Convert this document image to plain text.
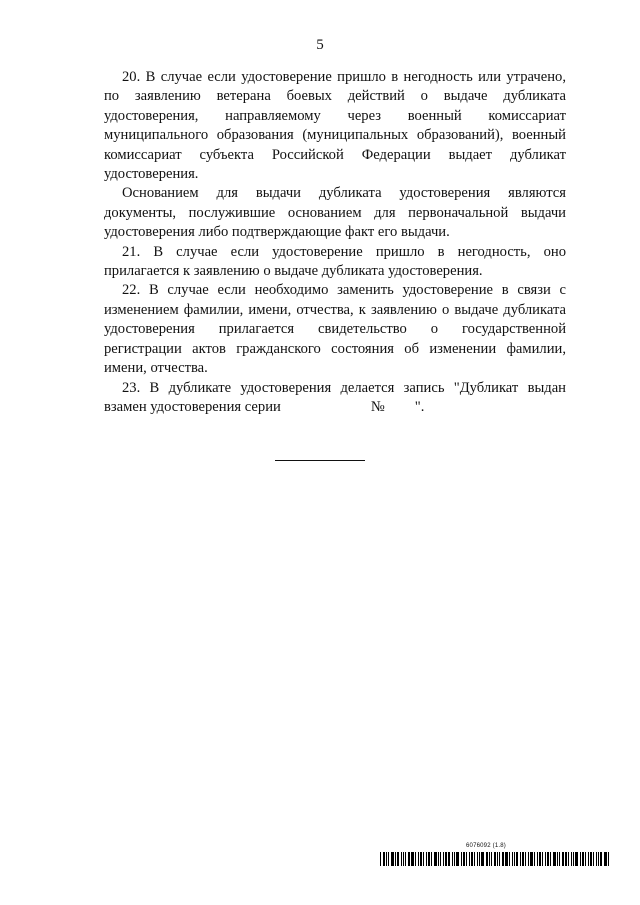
5

20. В случае если удостоверение пришло в негодность или утрачено, по заявлению ветерана боевых действий о выдаче дубликата удостоверения, направляемому через военный комиссариат муниципального образования (муниципальных образований), военный комиссариат субъекта Российской Федерации выдает дубликат удостоверения.

Основанием для выдачи дубликата удостоверения являются документы, послужившие основанием для первоначальной выдачи удостоверения либо подтверждающие факт его выдачи.

21. В случае если удостоверение пришло в негодность, оно прилагается к заявлению о выдаче дубликата удостоверения.

22. В случае если необходимо заменить удостоверение в связи с изменением фамилии, имени, отчества, к заявлению о выдаче дубликата удостоверения прилагается свидетельство о государственной регистрации актов гражданского состояния об изменении фамилии, имени, отчества.

23. В дубликате удостоверения делается запись "Дубликат выдан
взамен удостоверения серии	№ ".

6076092 (1.8)
